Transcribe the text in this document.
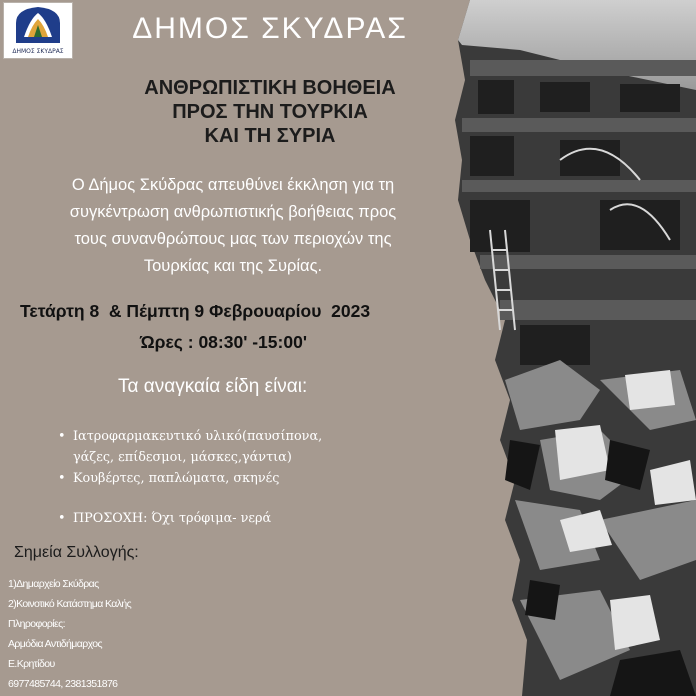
ΔΗΜΟΣ ΣΚΥΔΡΑΣ
ΔΗΜΟΣ ΣΚΥΔΡΑΣ
ΑΝΘΡΩΠΙΣΤΙΚΗ ΒΟΗΘΕΙΑ
ΠΡΟΣ ΤΗΝ ΤΟΥΡΚΙΑ
ΚΑΙ ΤΗ ΣΥΡΙΑ
Ο Δήμος Σκύδρας απευθύνει έκκληση για τη
συγκέντρωση ανθρωπιστικής βοήθειας προς
τους συνανθρώπους μας των περιοχών της
Τουρκίας και της Συρίας.
Τετάρτη 8  & Πέμπτη 9 Φεβρουαρίου  2023
Ώρες : 08:30' -15:00'
Τα αναγκαία είδη είναι:
• Ιατροφαρμακευτικό υλικό(παυσίπονα,
γάζες, επίδεσμοι, μάσκες,γάντια)
• Κουβέρτες, παπλώματα, σκηνές
• ΠΡΟΣΟΧΗ: Όχι τρόφιμα- νερά
Σημεία Συλλογής:
1)Δημαρχείο Σκύδρας
2)Κοινοτικό Κατάστημα Καλής
Πληροφορίες:
Αρμόδια Αντιδήμαρχος
Ε.Κρητίδου
6977485744, 2381351876
